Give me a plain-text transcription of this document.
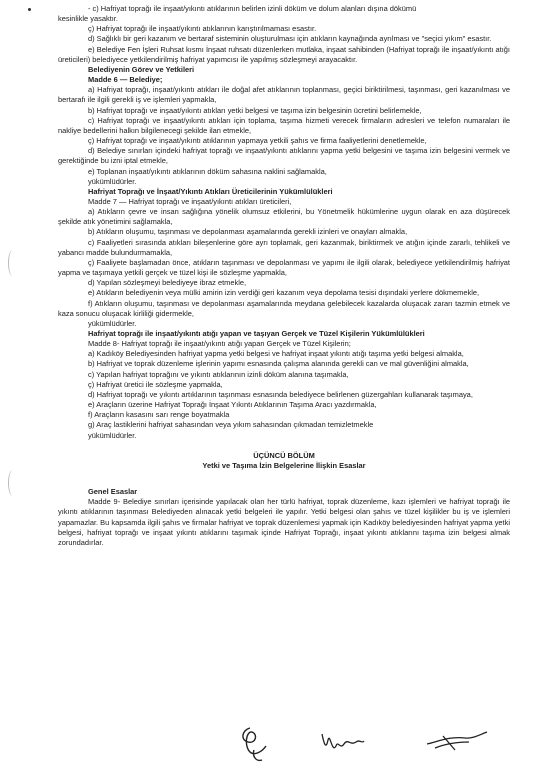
- c) Hafriyat toprağı ile inşaat/yıkıntı atıklarının belirlen izinli döküm ve dolum alanları dışına dökümü

kesinlikle yasaktır.

ç) Hafriyat toprağı ile inşaat/yıkıntı atıklarının karıştırılmaması esastır.

d) Sağlıklı bir geri kazanım ve bertaraf sisteminin oluşturulması için atıkların kaynağında ayrılması ve "seçici yıkım" esastır.

e) Belediye Fen İşleri Ruhsat kısmı İnşaat ruhsatı düzenlerken mutlaka, inşaat sahibinden (Hafriyat toprağı ile inşaat/yıkıntı atığı üreticileri) belediyece yetkilendirilmiş hafriyat yapımcısı ile yapılmış sözleşmeyi arayacaktır.

Belediyenin Görev ve Yetkileri

Madde 6 — Belediye;

a) Hafriyat toprağı, inşaat/yıkıntı atıkları ile doğal afet atıklarının toplanması, geçici biriktirilmesi, taşınması, geri kazanılması ve bertarafı ile ilgili gerekli iş ve işlemleri yapmakla,

b) Hafriyat toprağı ve inşaat/yıkıntı atıkları yetki belgesi ve taşıma izin belgesinin ücretini belirlemekle,

c) Hafriyat toprağı ve inşaat/yıkıntı atıkları için toplama, taşıma hizmeti verecek firmaların adresleri ve telefon numaraları ile nakliye bedellerini halkın bilgilenecegi şekilde ilan etmekle,

ç) Hafriyat toprağı ve inşaat/yıkıntı atıklarının yapmaya yetkili şahıs ve firma faaliyetlerini denetlemekle,

d) Belediye sınırları içindeki hafriyat toprağı ve inşaat/yıkıntı atıklarını yapma yetki belgesini ve taşıma izin belgesini vermek ve gerektiğinde bu izni iptal etmekle,

e) Toplanan inşaat/yıkıntı atıklarının döküm sahasına naklini sağlamakla,

yükümlüdürler.

Hafriyat Toprağı ve İnşaat/Yıkıntı Atıkları Üreticilerinin Yükümlülükleri

Madde 7 — Hafriyat toprağı ve inşaat/yıkıntı atıkları üreticileri,

a) Atıkların çevre ve insan sağlığına yönelik olumsuz etkilerini, bu Yönetmelik hükümlerine uygun olarak en aza düşürecek şekilde atık yönetimini sağlamakla,

b) Atıkların oluşumu, taşınması ve depolanması aşamalarında gerekli izinleri ve onayları almakla,

c) Faaliyetleri sırasında atıkları bileşenlerine göre ayrı toplamak, geri kazanmak, biriktirmek ve atığın içinde zararlı, tehlikeli ve yabancı madde bulundurmamakla,

ç) Faaliyete başlamadan önce, atıkların taşınması ve depolanması ve yapımı ile ilgili olarak, belediyece yetkilendirilmiş hafriyat yapma ve taşımaya yetkili gerçek ve tüzel kişi ile sözleşme yapmakla,

d) Yapılan sözleşmeyi belediyeye ibraz etmekle,

e) Atıkların belediyenin veya mülki amirin izin verdiği geri kazanım veya depolama tesisi dışındaki yerlere dökmemekle,

f) Atıkların oluşumu, taşınması ve depolanması aşamalarında meydana gelebilecek kazalarda oluşacak zararı tazmin etmek ve kaza sonucu oluşacak kirliliği gidermekle,

yükümlüdürler.

Hafriyat toprağı ile inşaat/yıkıntı atığı yapan ve taşıyan Gerçek ve Tüzel Kişilerin Yükümlülükleri

Madde 8- Hafriyat toprağı ile inşaat/yıkıntı atığı yapan Gerçek ve Tüzel Kişilerin;

a) Kadıköy Belediyesinden hafriyat yapma yetki belgesi ve hafriyat inşaat yıkıntı atığı taşıma yetki belgesi almakla,

b) Hafriyat ve toprak düzenleme işlerinin yapımı esnasında çalışma alanında gerekli can ve mal güvenliğini almakla,

c) Yapılan hafriyat toprağını ve yıkıntı atıklarının izinli döküm alanına taşımakla,

ç) Hafriyat üretici ile sözleşme yapmakla,

d) Hafriyat toprağı ve yıkıntı artıklarının taşınması esnasında belediyece belirlenen güzergahları kullanarak taşımaya,

e) Araçların üzerine Hafriyat Toprağı İnşaat Yıkıntı Atıklarının Taşıma Aracı yazdırmakla,

f) Araçların kasasını sarı renge boyatmakla

g) Araç lastiklerini hafriyat sahasından veya yıkım sahasından çıkmadan temizletmekle

yükümlüdürler.

ÜÇÜNCÜ BÖLÜM

Yetki ve Taşıma İzin Belgelerine İlişkin Esaslar

Genel Esaslar

Madde 9- Belediye sınırları içerisinde yapılacak olan her türlü hafriyat, toprak düzenleme, kazı işlemleri ve hafriyat toprağı ile yıkıntı atıklarının taşınması Belediyeden alınacak yetki belgeleri ile yapılır. Yetki belgesi olan şahıs ve tüzel kişilikler bu iş ve işlemleri yapamazlar. Bu kapsamda ilgili şahıs ve firmalar hafriyat ve toprak düzenlemesi yapmak için Kadıköy belediyesinden hafriyat yapma yetki belgesi, hafriyat toprağı ve inşaat yıkıntı atıklarını taşımak içinde Hafriyat Toprağı, inşaat yıkıntı atıklarını taşıma izin belgesi almak zorundadırlar.
